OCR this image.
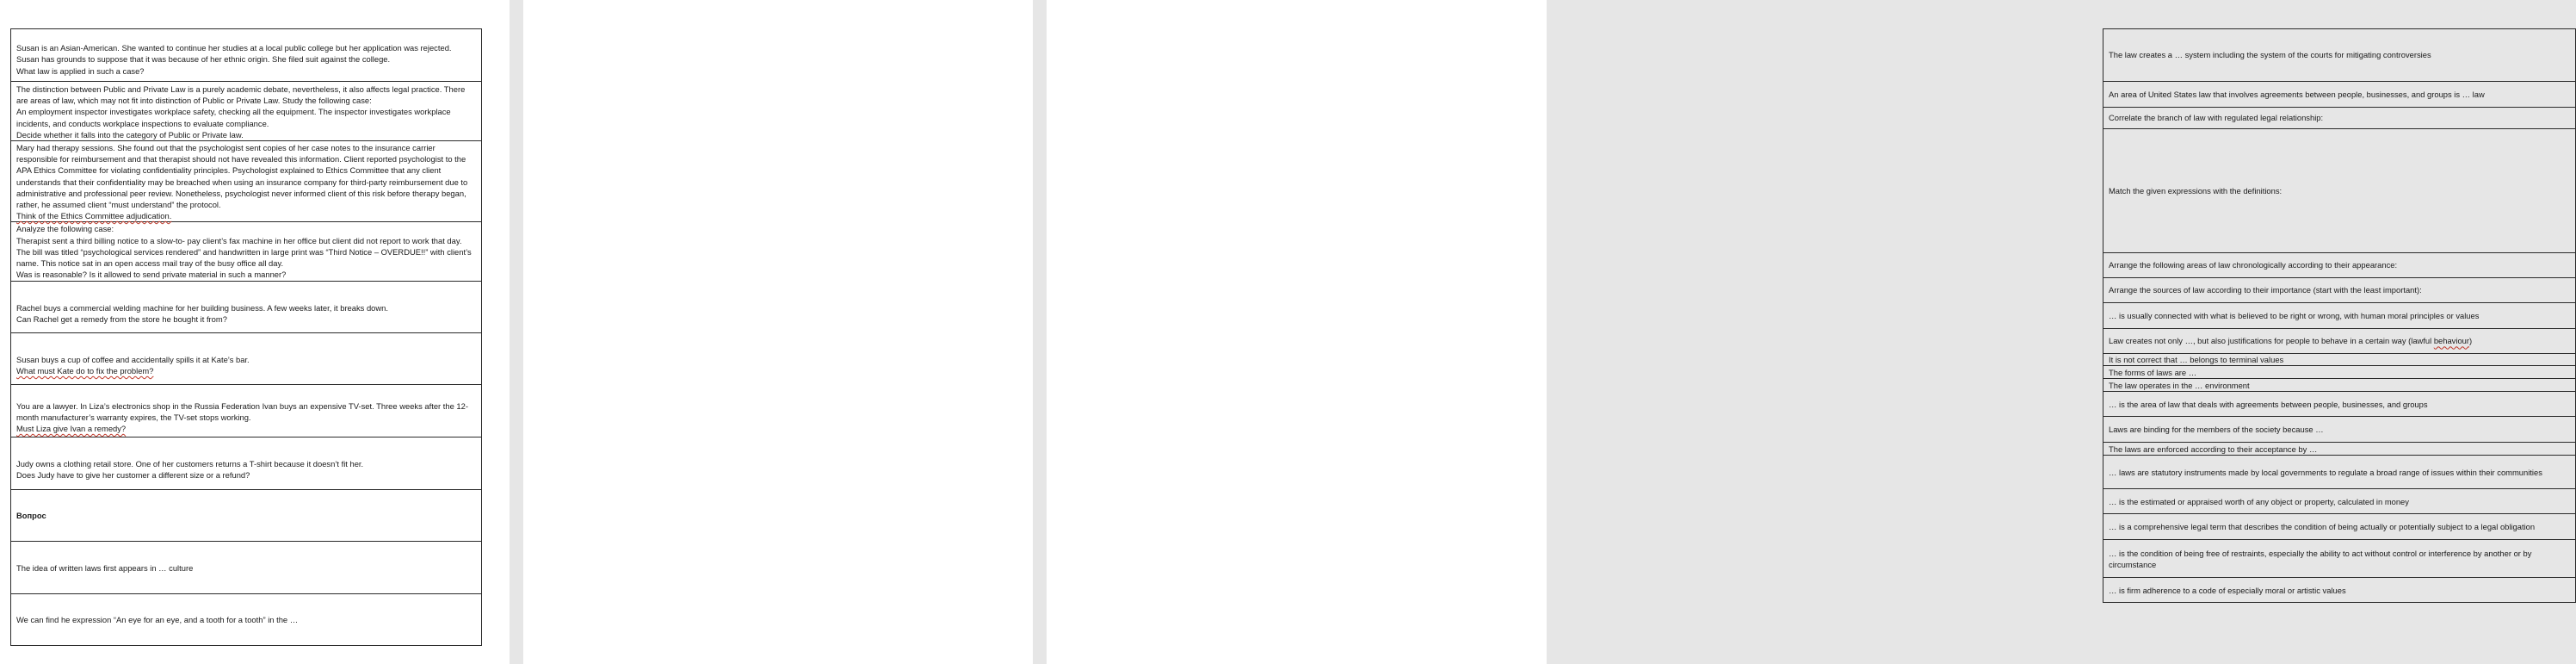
Susan is an Asian-American. She wanted to continue her studies at a local public college but her application was rejected. Susan has grounds to suppose that it was because of her ethnic origin. She filed suit against the college.
What law is applied in such a case?

The distinction between Public and Private Law is a purely academic debate, nevertheless, it also affects legal practice. There are areas of law, which may not fit into distinction of Public or Private Law. Study the following case:
An employment inspector investigates workplace safety, checking all the equipment. The inspector investigates workplace incidents, and conducts workplace inspections to evaluate compliance.
Decide whether it falls into the category of Public or Private law.

Mary had therapy sessions. She found out that the psychologist sent copies of her case notes to the insurance carrier responsible for reimbursement and that therapist should not have revealed this information. Client reported psychologist to the APA Ethics Committee for violating confidentiality principles. Psychologist explained to Ethics Committee that any client understands that their confidentiality may be breached when using an insurance company for third-party reimbursement due to administrative and professional peer review. Nonetheless, psychologist never informed client of this risk before therapy began, rather, he assumed client “must understand” the protocol.
Think of the Ethics Committee adjudication.

Analyze the following case:
Therapist sent a third billing notice to a slow-to- pay client’s fax machine in her office but client did not report to work that day. The bill was titled “psychological services rendered” and handwritten in large print was “Third Notice – OVERDUE!!” with client’s name. This notice sat in an open access mail tray of the busy office all day.
Was is reasonable? Is it allowed to send private material in such a manner?

Rachel buys a commercial welding machine for her building business. A few weeks later, it breaks down.
Can Rachel get a remedy from the store he bought it from?

Susan buys a cup of coffee and accidentally spills it at Kate’s bar.
What must Kate do to fix the problem?

You are a lawyer. In Liza’s electronics shop in the Russia Federation Ivan buys an expensive TV-set. Three weeks after the 12-month manufacturer’s warranty expires, the TV-set stops working.
Must Liza give Ivan a remedy?

Judy owns a clothing retail store. One of her customers returns a T-shirt because it doesn’t fit her.
Does Judy have to give her customer a different size or a refund?

Вопрос

The idea of written laws first appears in … culture

We can find he expression “An eye for an eye, and a tooth for a tooth” in the …

The law creates a … system including the system of the courts for mitigating controversies

An area of United States law that involves agreements between people, businesses, and groups is … law

Correlate the branch of law with regulated legal relationship:

Match the given expressions with the definitions:

Arrange the following areas of law chronologically according to their appearance:

Arrange the sources of law according to their importance (start with the least important):

… is usually connected with what is believed to be right or wrong, with human moral principles or values

Law creates not only …, but also justifications for people to behave in a certain way (lawful behaviour)

It is not correct that … belongs to terminal values

The forms of laws are …

The law operates in the … environment

… is the area of law that deals with agreements between people, businesses, and groups

Laws are binding for the members of the society because …

The laws are enforced according to their acceptance by …

… laws are statutory instruments made by local governments to regulate a broad range of issues within their communities

… is the estimated or appraised worth of any object or property, calculated in money

… is a comprehensive legal term that describes the condition of being actually or potentially subject to a legal obligation

… is the condition of being free of restraints, especially the ability to act without control or interference by another or by circumstance

… is firm adherence to a code of especially moral or artistic values
